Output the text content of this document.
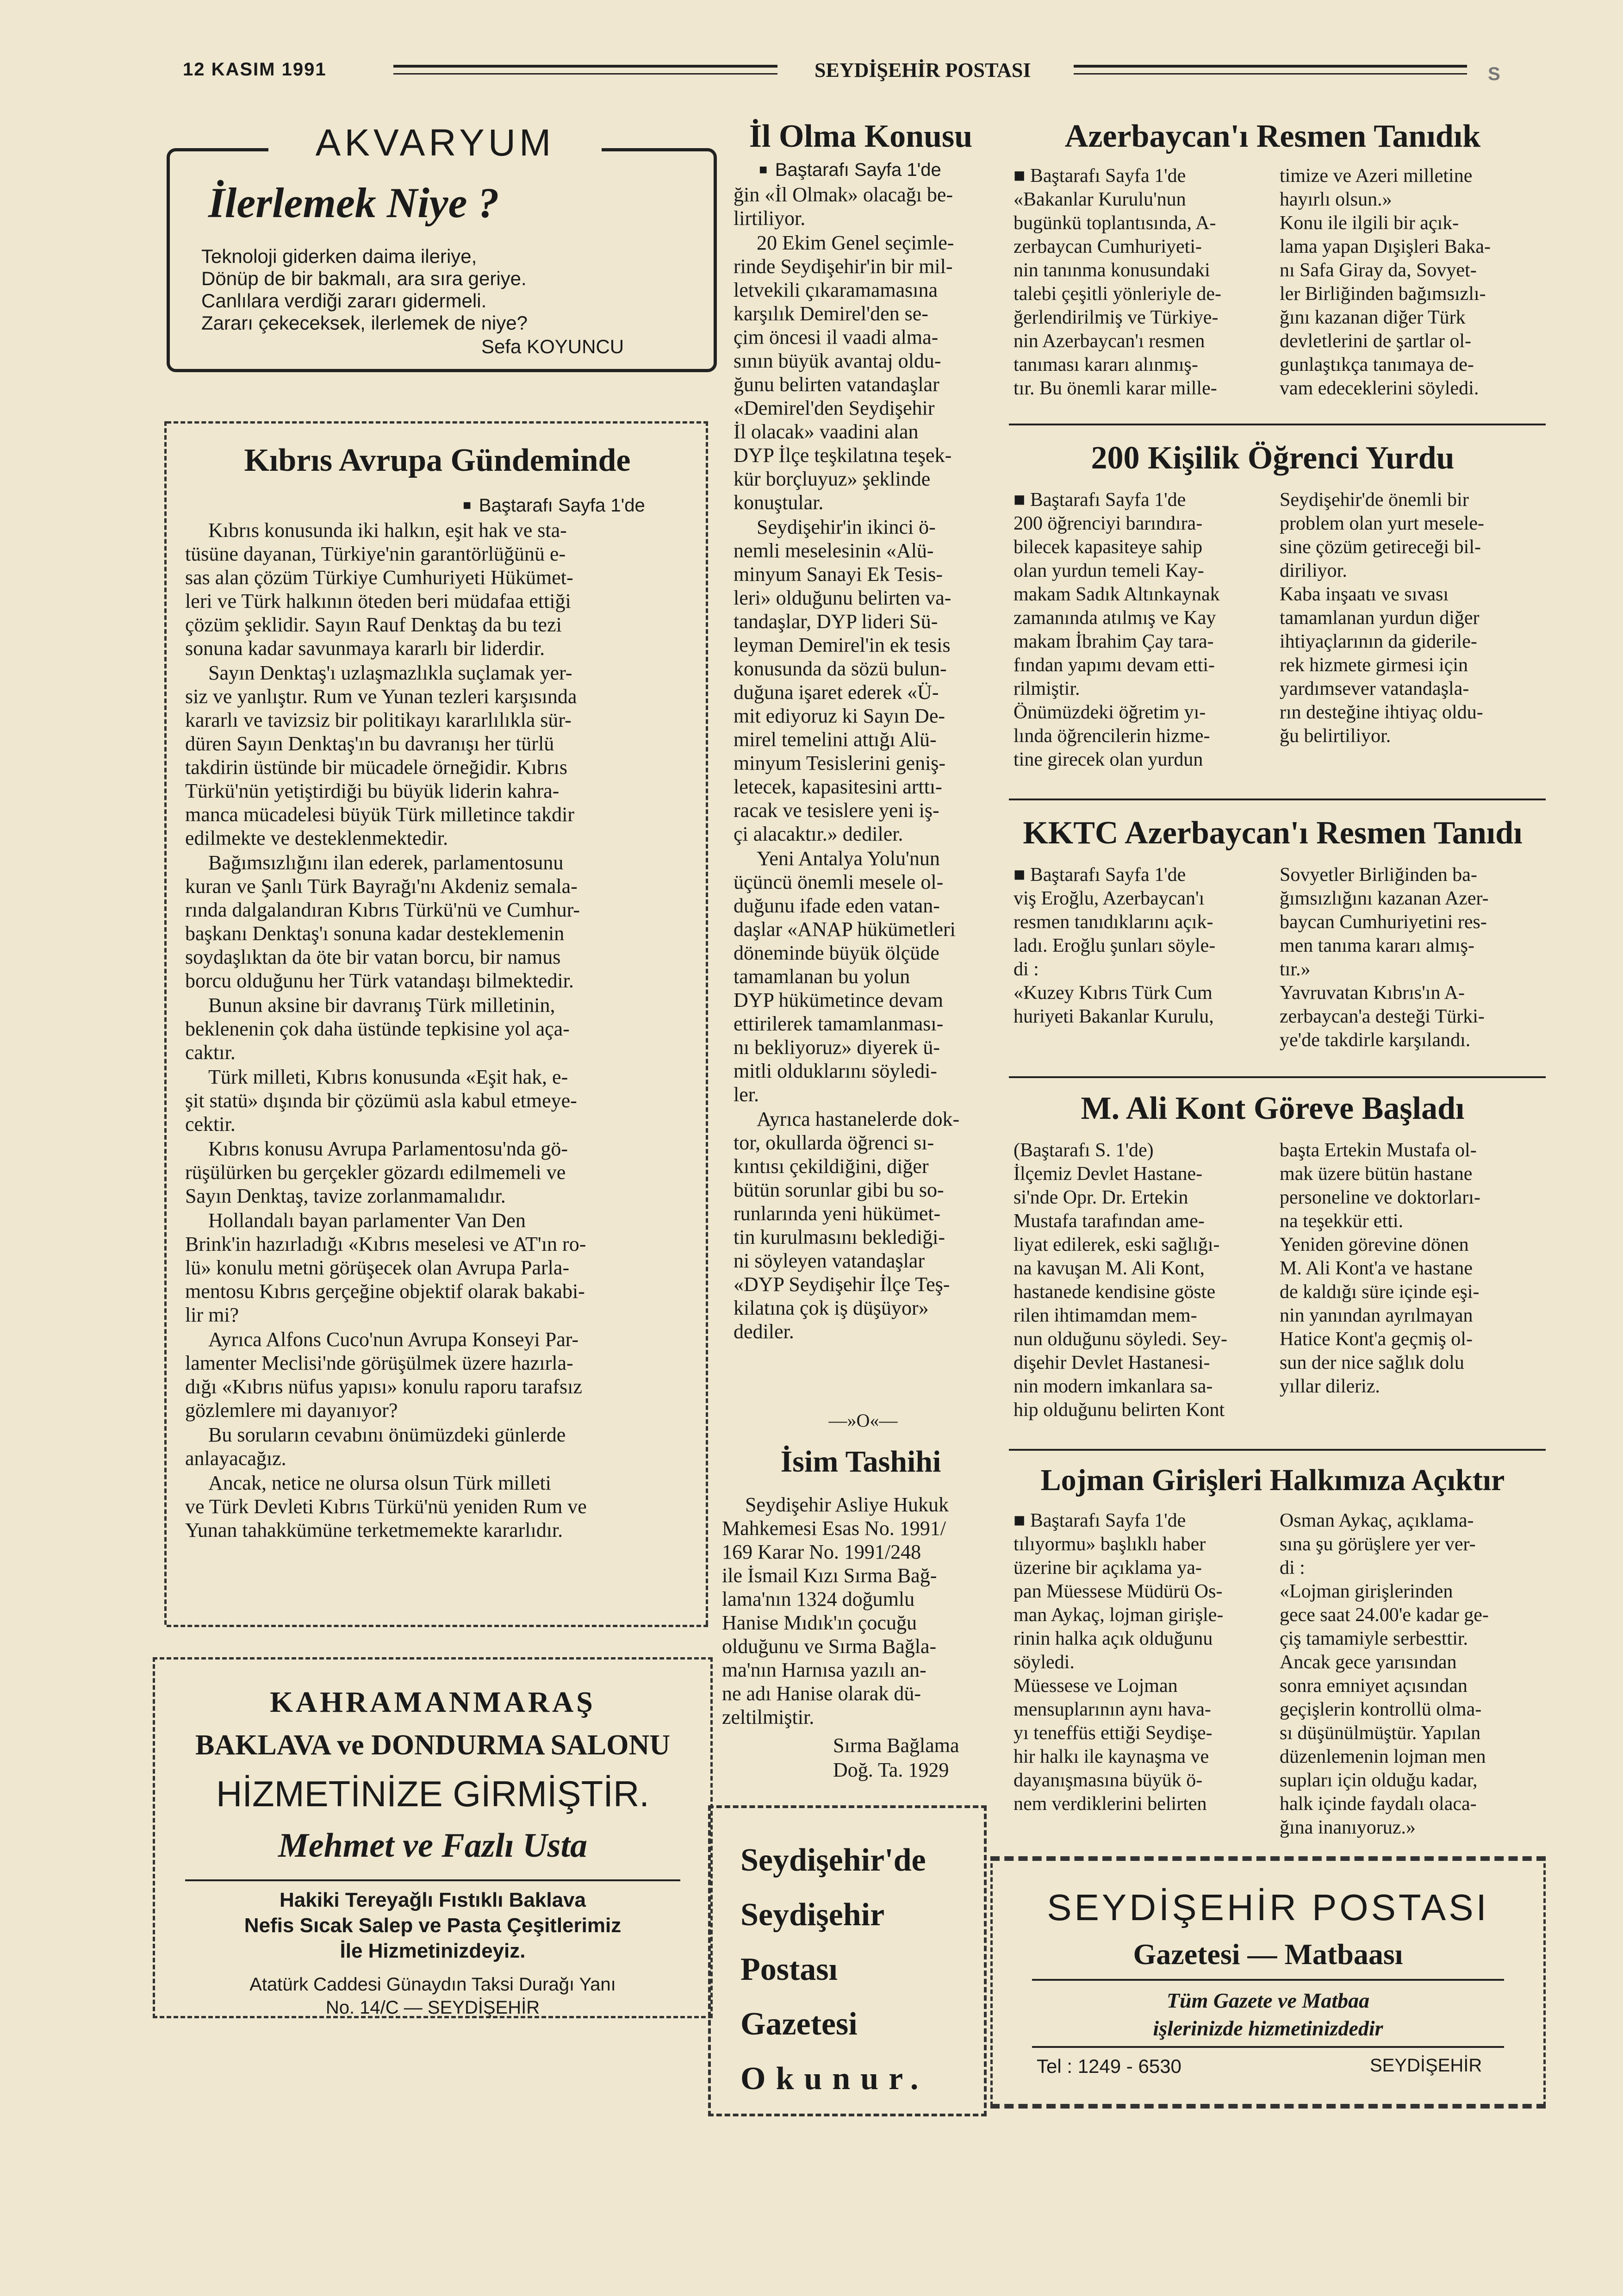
12 KASIM 1991	SEYDİŞEHİR POSTASI	S
AKVARYUM
İlerlemek Niye ?
Teknoloji giderken daima ileriye,
Dönüp de bir bakmalı, ara sıra geriye.
Canlılara verdiği zararı gidermeli.
Zararı çekeceksek, ilerlemek de niye?
Sefa KOYUNCU
Kıbrıs Avrupa Gündeminde
■  Baştarafı Sayfa 1'de

Kıbrıs konusunda iki halkın, eşit hak ve sta-
tüsüne dayanan, Türkiye'nin garantörlüğünü e-
sas alan çözüm Türkiye Cumhuriyeti Hükümet-
leri ve Türk halkının öteden beri müdafaa ettiği
çözüm şeklidir. Sayın Rauf Denktaş da bu tezi
sonuna kadar savunmaya kararlı bir liderdir.

Sayın Denktaş'ı uzlaşmazlıkla suçlamak yer-
siz ve yanlıştır. Rum ve Yunan tezleri karşısında
kararlı ve tavizsiz bir politikayı kararlılıkla sür-
düren Sayın Denktaş'ın bu davranışı her türlü
takdirin üstünde bir mücadele örneğidir. Kıbrıs
Türkü'nün yetiştirdiği bu büyük liderin kahra-
manca mücadelesi büyük Türk milletince takdir
edilmekte ve desteklenmektedir.

Bağımsızlığını ilan ederek, parlamentosunu
kuran ve Şanlı Türk Bayrağı'nı Akdeniz semala-
rında dalgalandıran Kıbrıs Türkü'nü ve Cumhur-
başkanı Denktaş'ı sonuna kadar desteklemenin
soydaşlıktan da öte bir vatan borcu, bir namus
borcu olduğunu her Türk vatandaşı bilmektedir.

Bunun aksine bir davranış Türk milletinin,
beklenenin çok daha üstünde tepkisine yol aça-
caktır.

Türk milleti, Kıbrıs konusunda «Eşit hak, e-
şit statü» dışında bir çözümü asla kabul etmeye-
cektir.

Kıbrıs konusu Avrupa Parlamentosu'nda gö-
rüşülürken bu gerçekler gözardı edilmemeli ve
Sayın Denktaş, tavize zorlanmamalıdır.

Hollandalı bayan parlamenter Van Den
Brink'in hazırladığı «Kıbrıs meselesi ve AT'ın ro-
lü» konulu metni görüşecek olan Avrupa Parla-
mentosu Kıbrıs gerçeğine objektif olarak bakabi-
lir mi?

Ayrıca Alfons Cuco'nun Avrupa Konseyi Par-
lamenter Meclisi'nde görüşülmek üzere hazırla-
dığı «Kıbrıs nüfus yapısı» konulu raporu tarafsız
gözlemlere mi dayanıyor?

Bu soruların cevabını önümüzdeki günlerde
anlayacağız.

Ancak, netice ne olursa olsun Türk milleti
ve Türk Devleti Kıbrıs Türkü'nü yeniden Rum ve
Yunan tahakkümüne terketmemekte kararlıdır.

KAHRAMANMARAŞ
BAKLAVA ve DONDURMA SALONU
HİZMETİNİZE GİRMİŞTİR.
Mehmet ve Fazlı Usta
Hakiki Tereyağlı Fıstıklı Baklava
Nefis Sıcak Salep ve Pasta Çeşitlerimiz
İle Hizmetinizdeyiz.
Atatürk Caddesi Günaydın Taksi Durağı Yanı
No. 14/C — SEYDİŞEHİR
İl Olma Konusu
■  Baştarafı Sayfa 1'de

ğin «İl Olmak» olacağı be-
lirtiliyor.

20 Ekim Genel seçimle-
rinde Seydişehir'in bir mil-
letvekili çıkaramamasına
karşılık Demirel'den se-
çim öncesi il vaadi alma-
sının büyük avantaj oldu-
ğunu belirten vatandaşlar
«Demirel'den Seydişehir
İl olacak» vaadini alan
DYP İlçe teşkilatına teşek-
kür borçluyuz» şeklinde
konuştular.

Seydişehir'in ikinci ö-
nemli meselesinin «Alü-
minyum Sanayi Ek Tesis-
leri» olduğunu belirten va-
tandaşlar, DYP lideri Sü-
leyman Demirel'in ek tesis
konusunda da sözü bulun-
duğuna işaret ederek «Ü-
mit ediyoruz ki Sayın De-
mirel temelini attığı Alü-
minyum Tesislerini geniş-
letecek, kapasitesini arttı-
racak ve tesislere yeni iş-
çi alacaktır.» dediler.

Yeni Antalya Yolu'nun
üçüncü önemli mesele ol-
duğunu ifade eden vatan-
daşlar «ANAP hükümetleri
döneminde büyük ölçüde
tamamlanan bu yolun
DYP hükümetince devam
ettirilerek tamamlanması-
nı bekliyoruz» diyerek ü-
mitli olduklarını söyledi-
ler.

Ayrıca hastanelerde dok-
tor, okullarda öğrenci sı-
kıntısı çekildiğini, diğer
bütün sorunlar gibi bu so-
runlarında yeni hükümet-
tin kurulmasını beklediği-
ni söyleyen vatandaşlar
«DYP Seydişehir İlçe Teş-
kilatına çok iş düşüyor»
dediler.

—»O«—
İsim Tashihi

Seydişehir Asliye Hukuk
Mahkemesi Esas No. 1991/
169 Karar No. 1991/248
ile İsmail Kızı Sırma Bağ-
lama'nın 1324 doğumlu
Hanise Mıdık'ın çocuğu
olduğunu ve Sırma Bağla-
ma'nın Harnısa yazılı an-
ne adı Hanise olarak dü-
zeltilmiştir.

Sırma Bağlama
Doğ. Ta. 1929
Seydişehir'de
Seydişehir
Postası
Gazetesi
Okunur.
Azerbaycan'ı Resmen Tanıdık

■ Baştarafı Sayfa 1'de
«Bakanlar Kurulu'nun
bugünkü toplantısında, A-
zerbaycan Cumhuriyeti-
nin tanınma konusundaki
talebi çeşitli yönleriyle de-
ğerlendirilmiş ve Türkiye-
nin Azerbaycan'ı resmen
tanıması kararı alınmış-
tır. Bu önemli karar mille-

timize ve Azeri milletine
hayırlı olsun.»
Konu ile ilgili bir açık-
lama yapan Dışişleri Baka-
nı Safa Giray da, Sovyet-
ler Birliğinden bağımsızlı-
ğını kazanan diğer Türk
devletlerini de şartlar ol-
gunlaştıkça tanımaya de-
vam edeceklerini söyledi.

200 Kişilik Öğrenci Yurdu

■ Baştarafı Sayfa 1'de
200 öğrenciyi barındıra-
bilecek kapasiteye sahip
olan yurdun temeli Kay-
makam Sadık Altınkaynak
zamanında atılmış ve Kay
makam İbrahim Çay tara-
fından yapımı devam etti-
rilmiştir.
Önümüzdeki öğretim yı-
lında öğrencilerin hizme-
tine girecek olan yurdun

Seydişehir'de önemli bir
problem olan yurt mesele-
sine çözüm getireceği bil-
diriliyor.
Kaba inşaatı ve sıvası
tamamlanan yurdun diğer
ihtiyaçlarının da giderile-
rek hizmete girmesi için
yardımsever vatandaşla-
rın desteğine ihtiyaç oldu-
ğu belirtiliyor.

KKTC Azerbaycan'ı Resmen Tanıdı

■ Baştarafı Sayfa 1'de
viş Eroğlu, Azerbaycan'ı
resmen tanıdıklarını açık-
ladı. Eroğlu şunları söyle-
di :
«Kuzey Kıbrıs Türk Cum
huriyeti Bakanlar Kurulu,

Sovyetler Birliğinden ba-
ğımsızlığını kazanan Azer-
baycan Cumhuriyetini res-
men tanıma kararı almış-
tır.»
Yavruvatan Kıbrıs'ın A-
zerbaycan'a desteği Türki-
ye'de takdirle karşılandı.

M. Ali Kont Göreve Başladı

(Baştarafı S. 1'de)
İlçemiz Devlet Hastane-
si'nde Opr. Dr. Ertekin
Mustafa tarafından ame-
liyat edilerek, eski sağlığı-
na kavuşan M. Ali Kont,
hastanede kendisine göste
rilen ihtimamdan mem-
nun olduğunu söyledi. Sey-
dişehir Devlet Hastanesi-
nin modern imkanlara sa-
hip olduğunu belirten Kont

başta Ertekin Mustafa ol-
mak üzere bütün hastane
personeline ve doktorları-
na teşekkür etti.
Yeniden görevine dönen
M. Ali Kont'a ve hastane
de kaldığı süre içinde eşi-
nin yanından ayrılmayan
Hatice Kont'a geçmiş ol-
sun der nice sağlık dolu
yıllar dileriz.

Lojman Girişleri Halkımıza Açıktır

■ Baştarafı Sayfa 1'de
tılıyormu» başlıklı haber
üzerine bir açıklama ya-
pan Müessese Müdürü Os-
man Aykaç, lojman girişle-
rinin halka açık olduğunu
söyledi.
Müessese ve Lojman
mensuplarının aynı hava-
yı teneffüs ettiği Seydişe-
hir halkı ile kaynaşma ve
dayanışmasına büyük ö-
nem verdiklerini belirten

Osman Aykaç, açıklama-
sına şu görüşlere yer ver-
di :
«Lojman girişlerinden
gece saat 24.00'e kadar ge-
çiş tamamiyle serbesttir.
Ancak gece yarısından
sonra emniyet açısından
geçişlerin kontrollü olma-
sı düşünülmüştür. Yapılan
düzenlemenin lojman men
supları için olduğu kadar,
halk içinde faydalı olaca-
ğına inanıyoruz.»

SEYDİŞEHİR POSTASI
Gazetesi — Matbaası
Tüm Gazete ve Matbaa
işlerinizde hizmetinizdedir
Tel : 1249 - 6530	SEYDİŞEHİR
